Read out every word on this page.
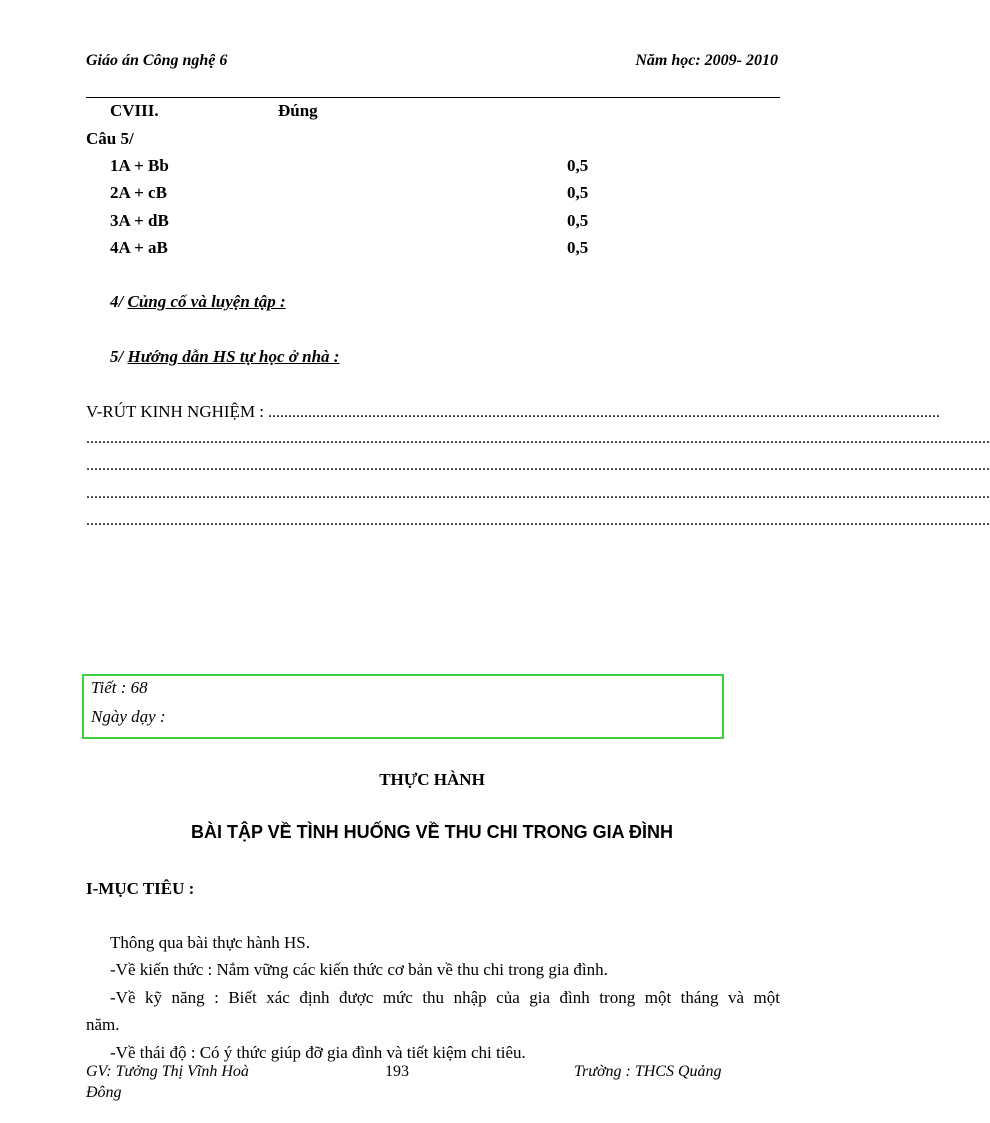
Giáo án Công nghệ 6	Năm học: 2009- 2010
CVIII.	Đúng
Câu 5/
1A + Bb	0,5
2A + cB	0,5
3A + dB	0,5
4A + aB	0,5
4/ Củng cố và luyện tập :
5/ Hướng dẫn HS tự học ở nhà :
V-RÚT KINH NGHIỆM : ........................................................................................................................................................................
..................................................................................................................................................................................................................................
..................................................................................................................................................................................................................................
..................................................................................................................................................................................................................................
..................................................................................................................................................................................................................................
Tiết : 68
Ngày dạy :
THỰC HÀNH
BÀI TẬP VỀ TÌNH HUỐNG VỀ THU CHI TRONG GIA ĐÌNH
I-MỤC TIÊU :
Thông qua bài thực hành HS.
-Về kiến thức : Nắm vững các kiến thức cơ bản về thu chi trong gia đình.
-Về kỹ năng : Biết xác định được mức thu nhập của gia đình trong một tháng và một
năm.
-Về thái độ : Có ý thức giúp đỡ gia đình và tiết kiệm chi tiêu.
GV: Tưởng Thị Vĩnh Hoà	193	Trường : THCS Quảng
Đông
